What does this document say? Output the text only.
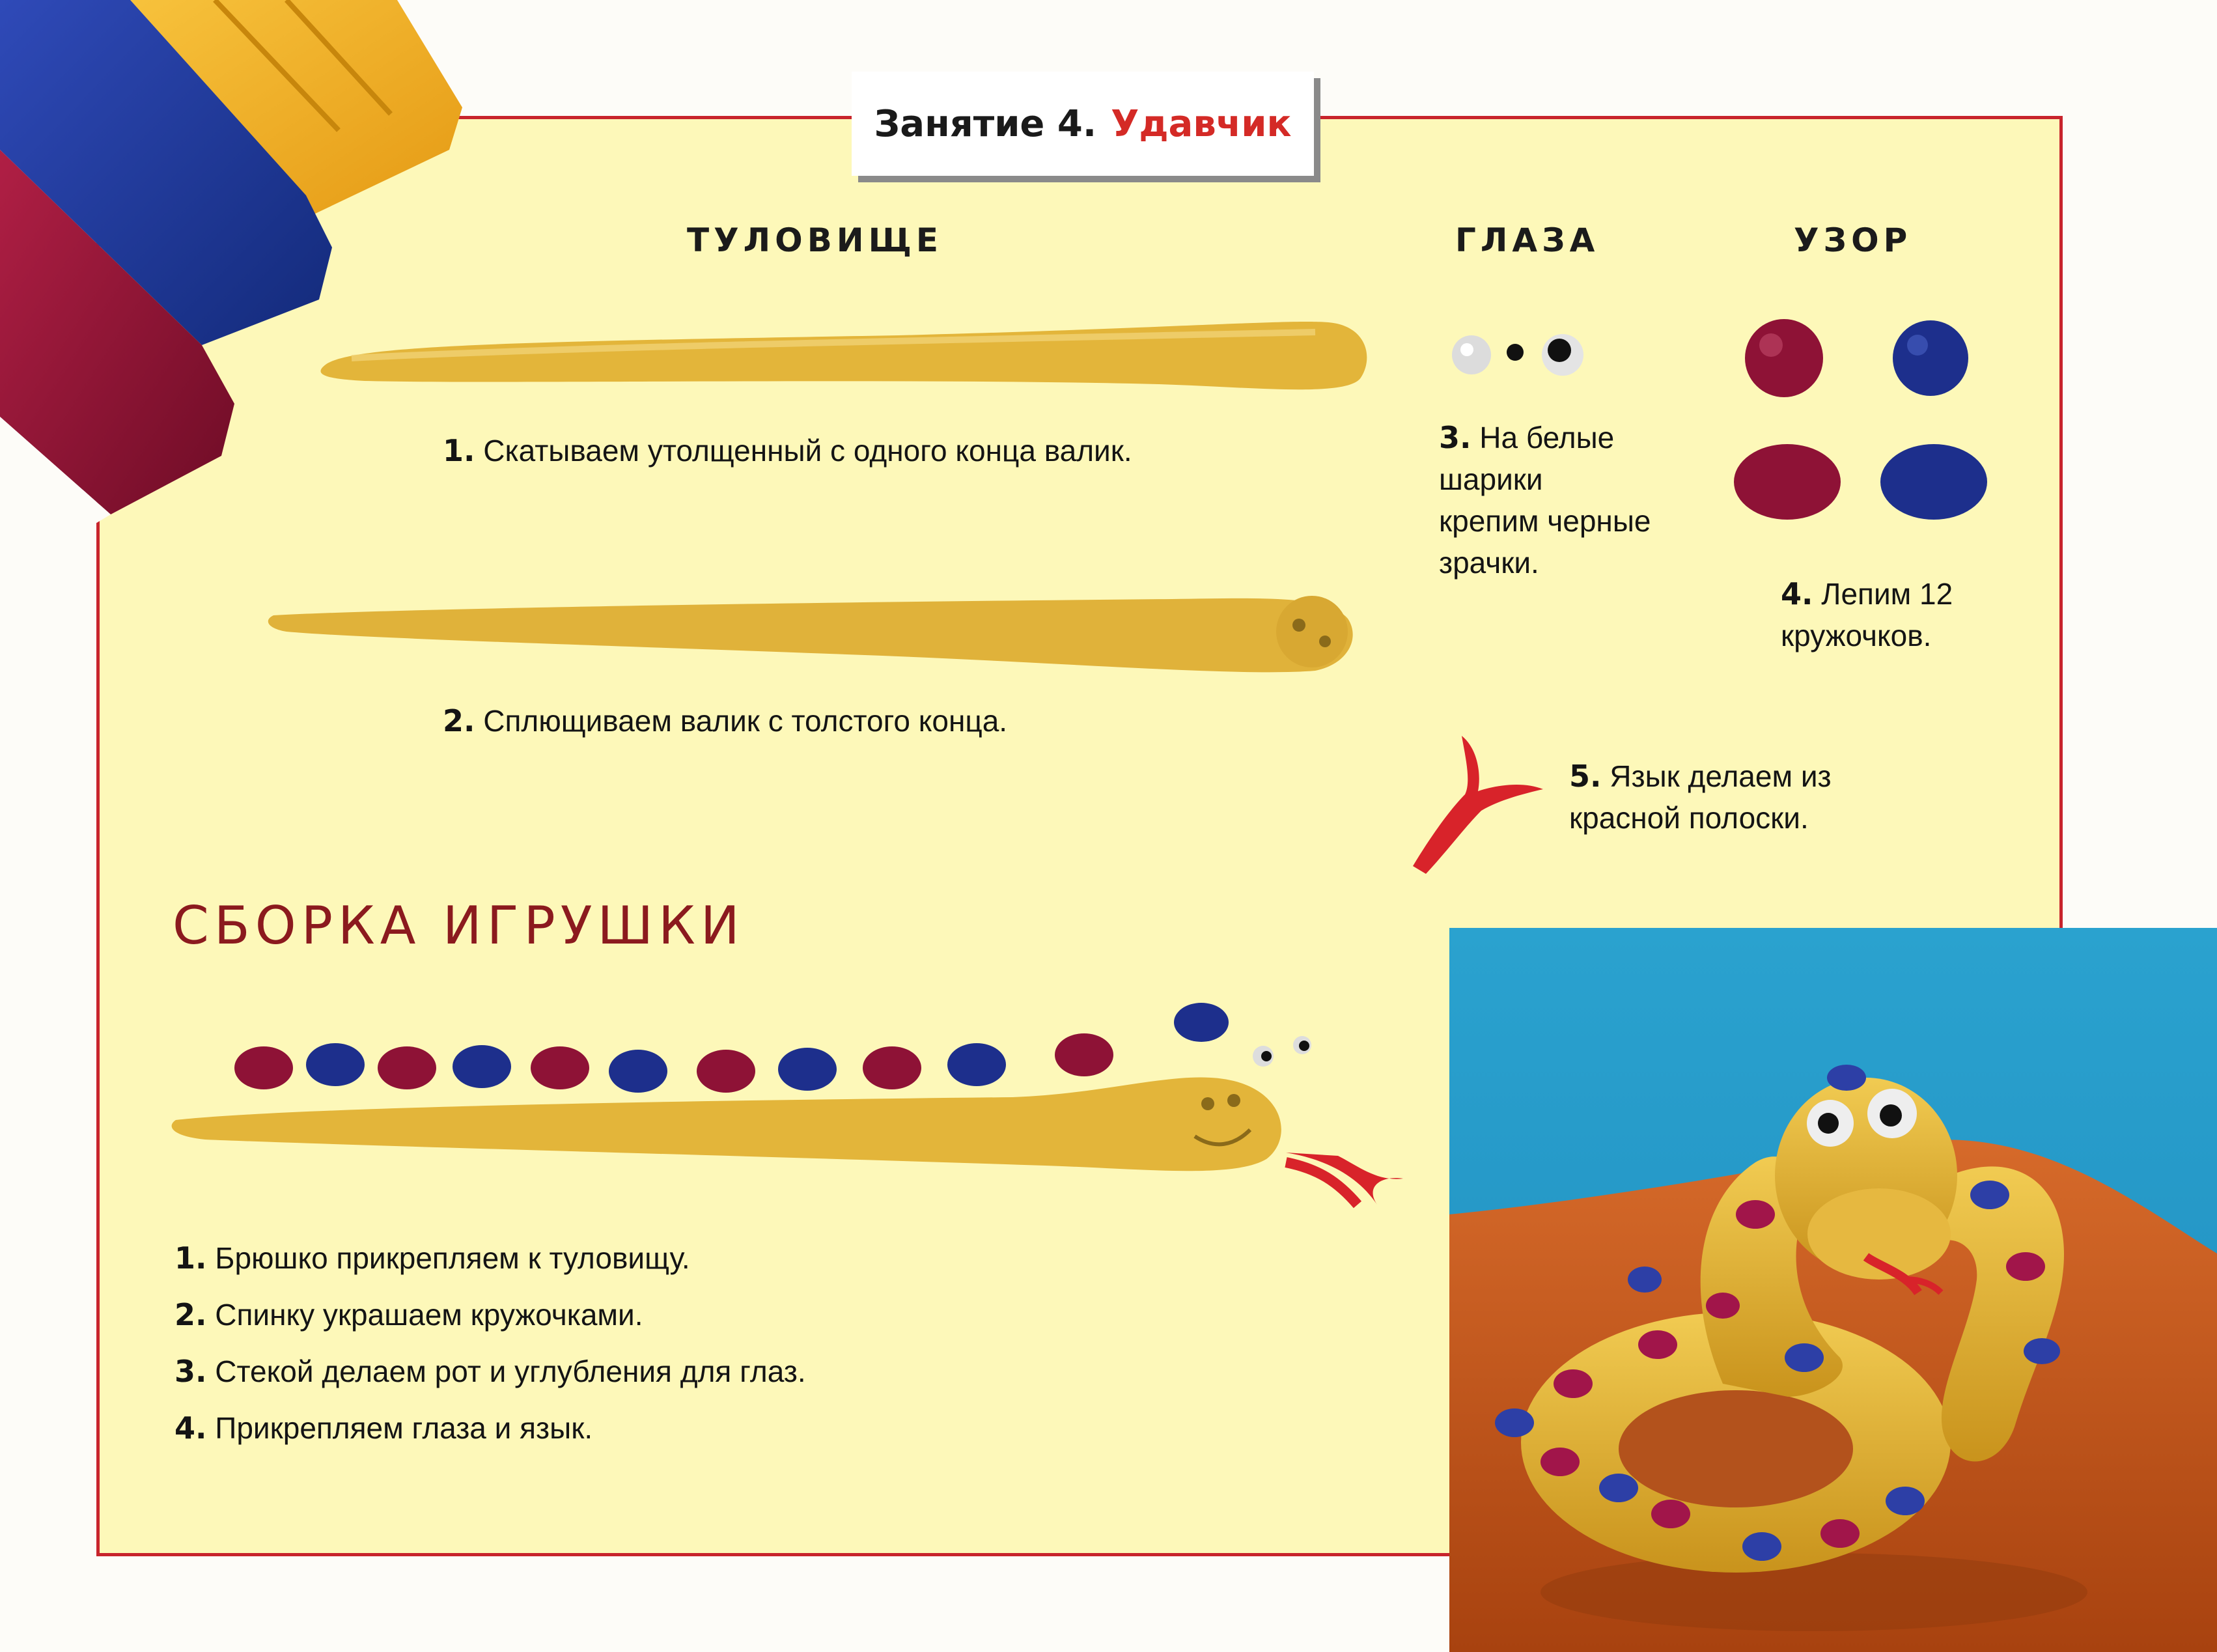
Занятие 4. Удавчик
ТУЛОВИЩЕ	ГЛАЗА	УЗОР
1. Скатываем утолщенный с одного конца валик.
2. Сплющиваем валик с толстого конца.
3. На белые
шарики
крепим черные
зрачки.
4. Лепим 12
кружочков.
5. Язык делаем из
красной полоски.
СБОРКА ИГРУШКИ
1. Брюшко прикрепляем к туловищу.
2. Спинку украшаем кружочками.
3. Стекой делаем рот и углубления для глаз.
4. Прикрепляем глаза и язык.
